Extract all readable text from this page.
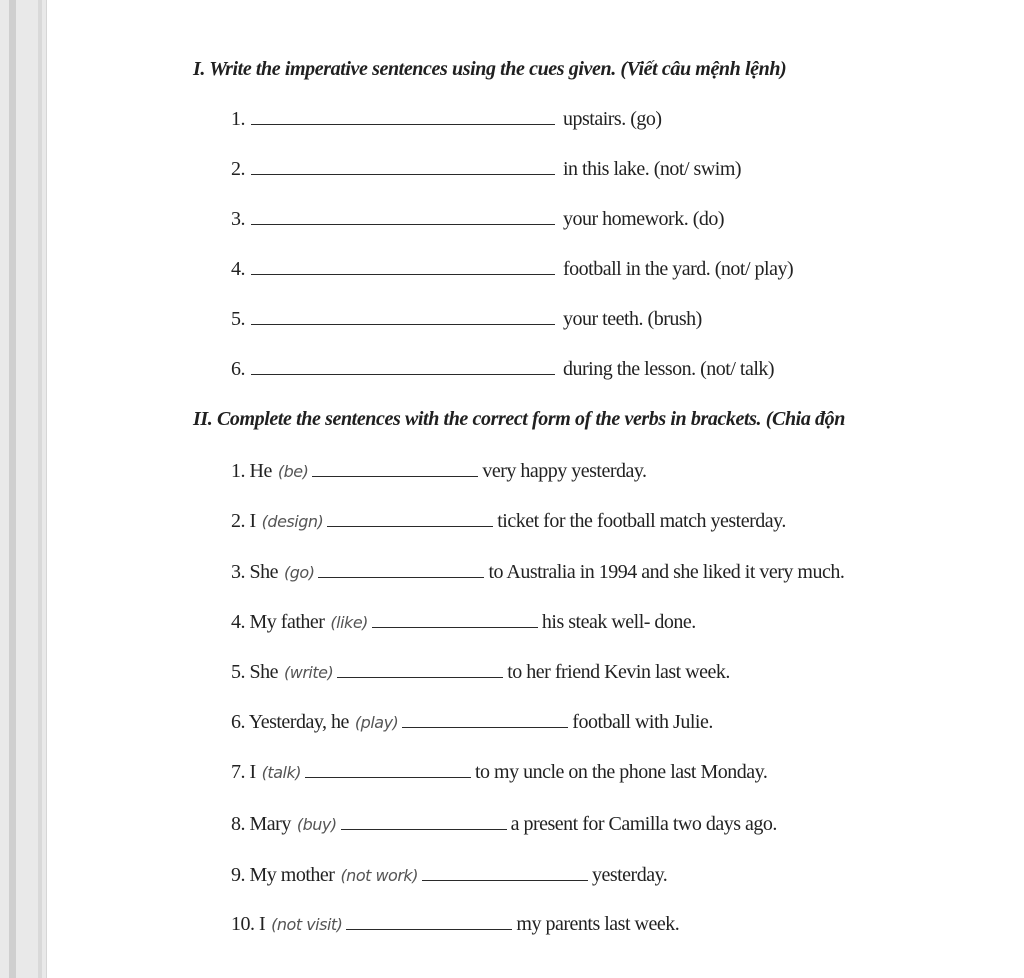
I. Write the imperative sentences using the cues given. (Viết câu mệnh lệnh)
1.	upstairs. (go)
2.	in this lake. (not/ swim)
3.	your homework. (do)
4.	football in the yard. (not/ play)
5.	your teeth. (brush)
6.	during the lesson. (not/ talk)
II. Complete the sentences with the correct form of the verbs in brackets. (Chia độn
1. He (be)	very happy yesterday.
2. I (design)	ticket for the football match yesterday.
3. She (go)	to Australia in 1994 and she liked it very much.
4. My father (like)	his steak well- done.
5. She (write)	to her friend Kevin last week.
6. Yesterday, he (play)	football with Julie.
7. I (talk)	to my uncle on the phone last Monday.
8. Mary (buy)	a present for Camilla two days ago.
9. My mother (not work)	yesterday.
10. I (not visit)	my parents last week.
